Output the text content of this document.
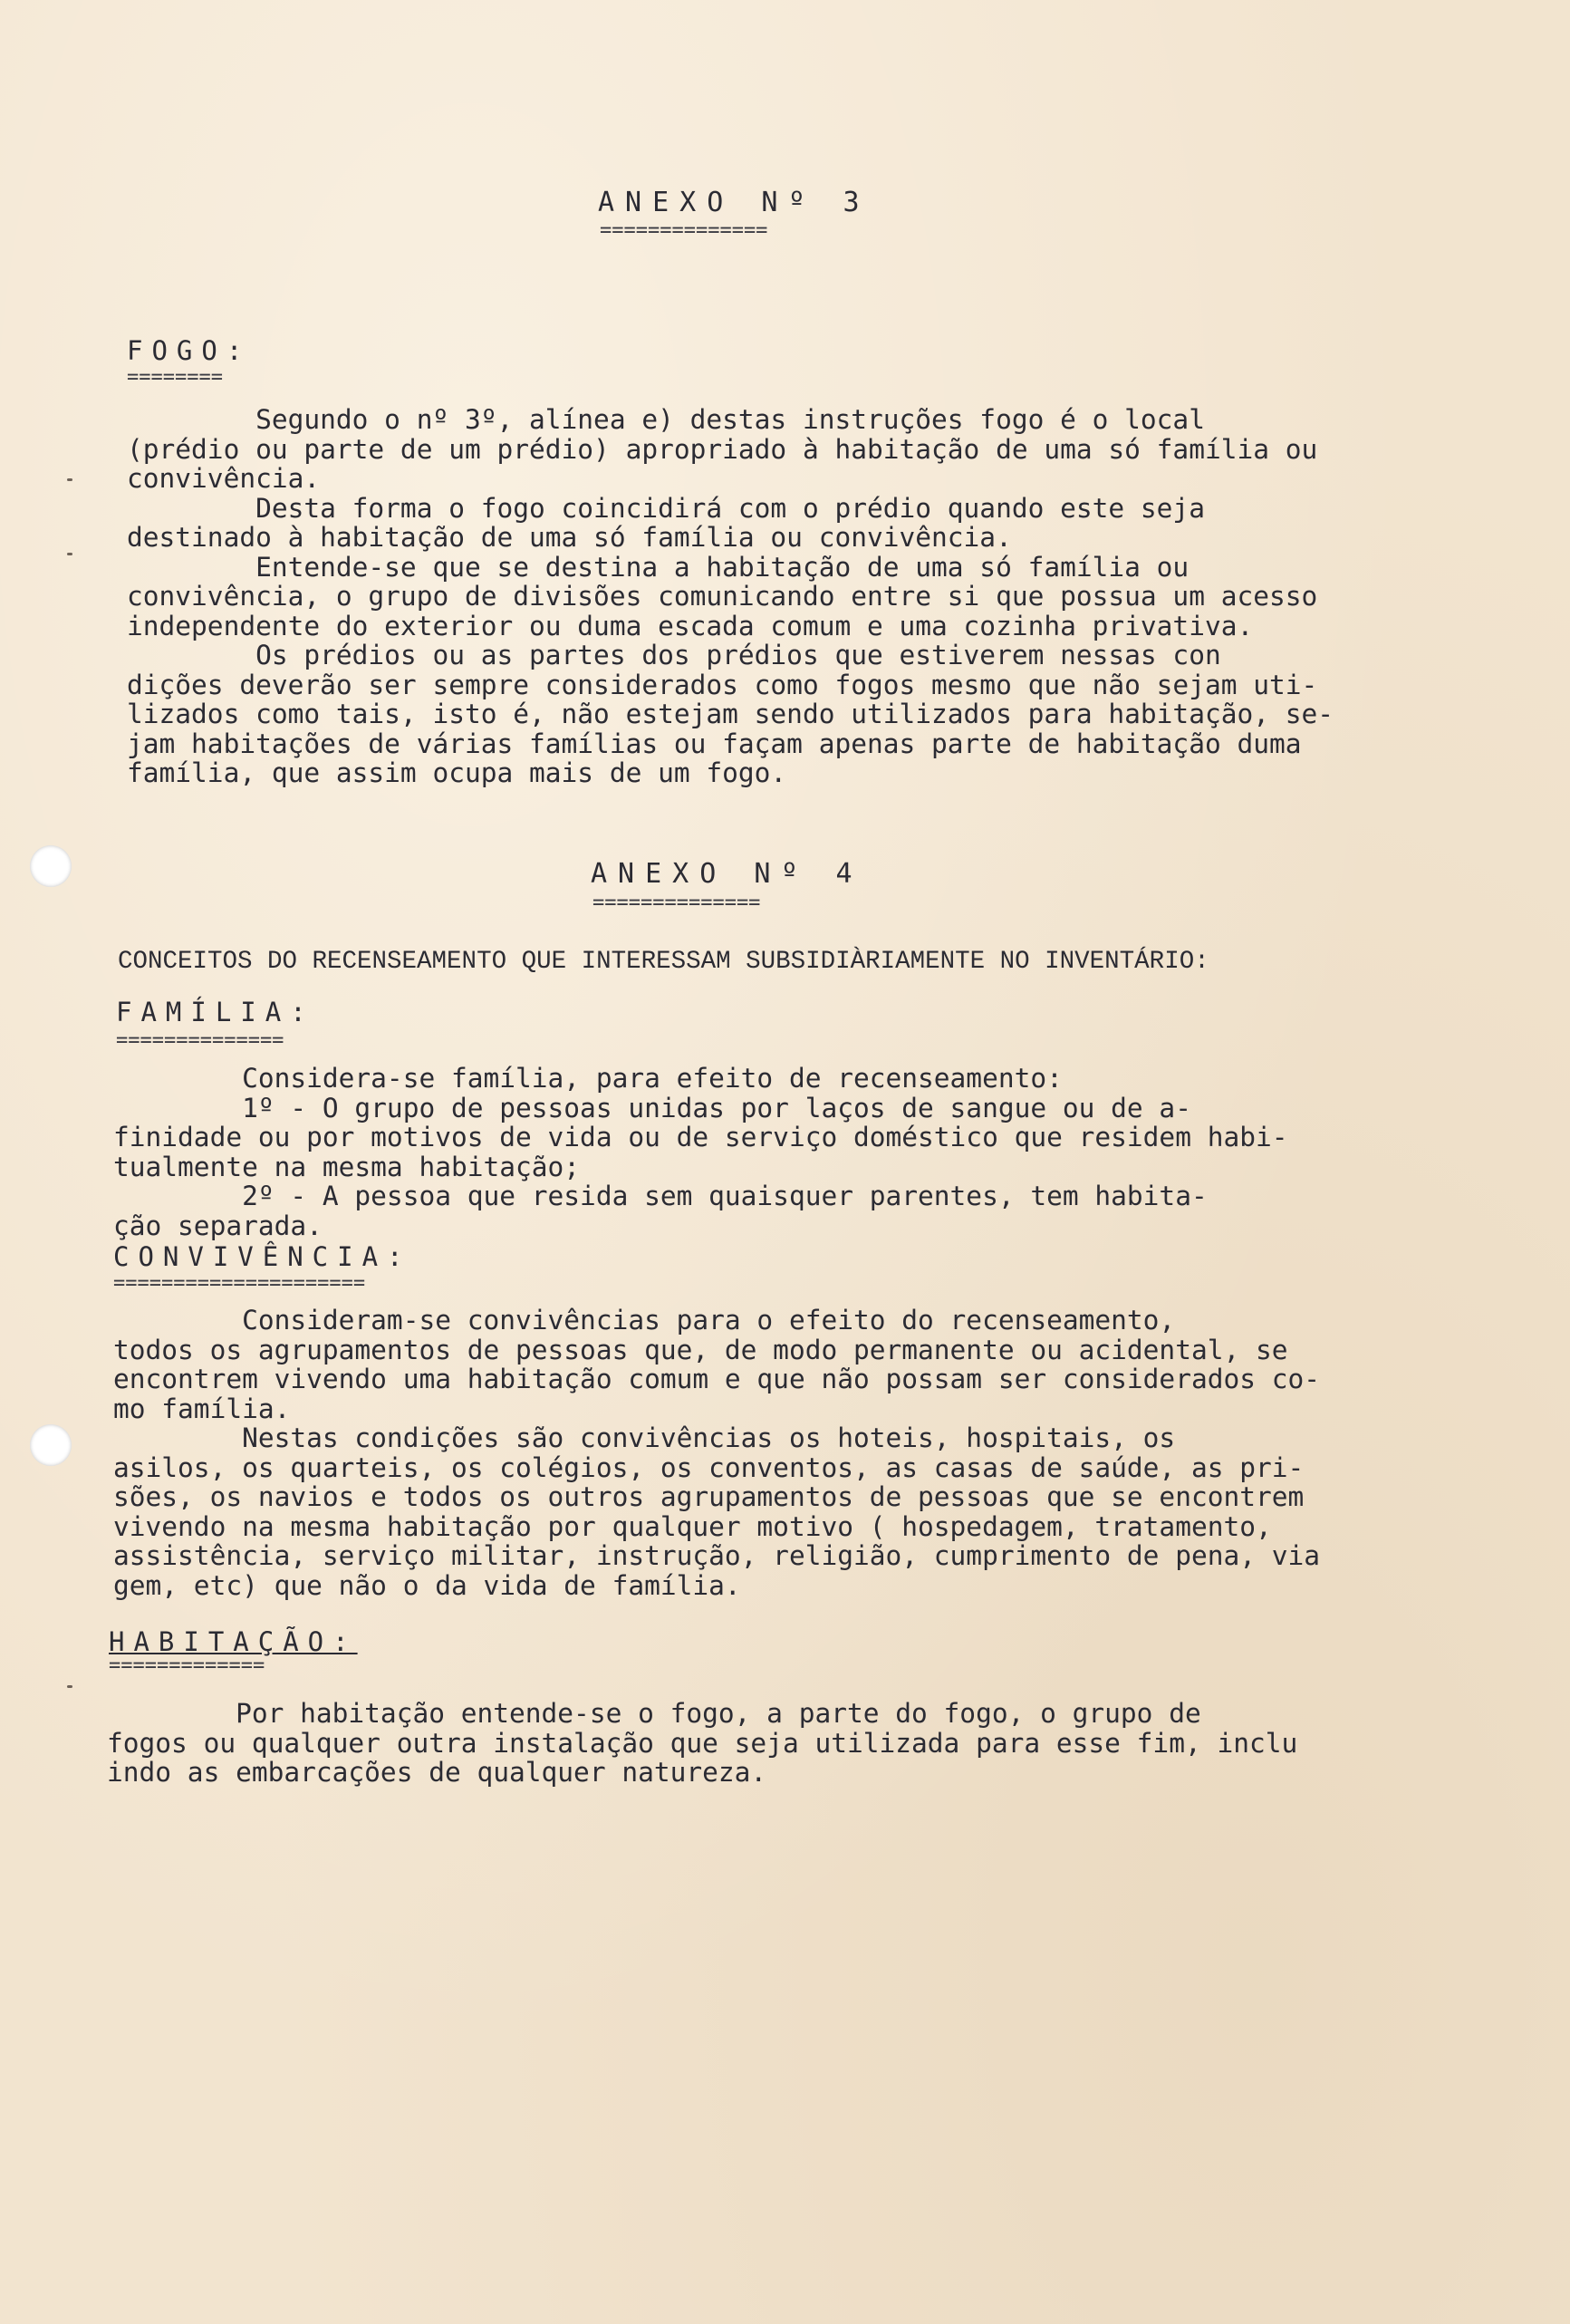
ANEXO Nº 3
==============
FOGO:
========
Segundo o nº 3º, alínea e) destas instruções fogo é o local
(prédio ou parte de um prédio) apropriado à habitação de uma só família ou
convivência.
Desta forma o fogo coincidirá com o prédio quando este seja
destinado à habitação de uma só família ou convivência.
Entende-se que se destina a habitação de uma só família ou
convivência, o grupo de divisões comunicando entre si que possua um acesso
independente do exterior ou duma escada comum e uma cozinha privativa.
Os prédios ou as partes dos prédios que estiverem nessas con
dições deverão ser sempre considerados como fogos mesmo que não sejam uti-
lizados como tais, isto é, não estejam sendo utilizados para habitação, se-
jam habitações de várias famílias ou façam apenas parte de habitação duma
família, que assim ocupa mais de um fogo.
ANEXO Nº 4
==============
CONCEITOS DO RECENSEAMENTO QUE INTERESSAM SUBSIDIÀRIAMENTE NO INVENTÁRIO:
FAMÍLIA:
==============
Considera-se família, para efeito de recenseamento:
1º - O grupo de pessoas unidas por laços de sangue ou de a-
finidade ou por motivos de vida ou de serviço doméstico que residem habi-
tualmente na mesma habitação;
2º - A pessoa que resida sem quaisquer parentes, tem habita-
ção separada.
CONVIVÊNCIA:
=====================
Consideram-se convivências para o efeito do recenseamento,
todos os agrupamentos de pessoas que, de modo permanente ou acidental, se
encontrem vivendo uma habitação comum e que não possam ser considerados co-
mo família.
Nestas condições são convivências os hoteis, hospitais, os
asilos, os quarteis, os colégios, os conventos, as casas de saúde, as pri-
sões, os navios e todos os outros agrupamentos de pessoas que se encontrem
vivendo na mesma habitação por qualquer motivo ( hospedagem, tratamento,
assistência, serviço militar, instrução, religião, cumprimento de pena, via
gem, etc) que não o da vida de família.
HABITAÇÃO:
=============
Por habitação entende-se o fogo, a parte do fogo, o grupo de
fogos ou qualquer outra instalação que seja utilizada para esse fim, inclu
indo as embarcações de qualquer natureza.
